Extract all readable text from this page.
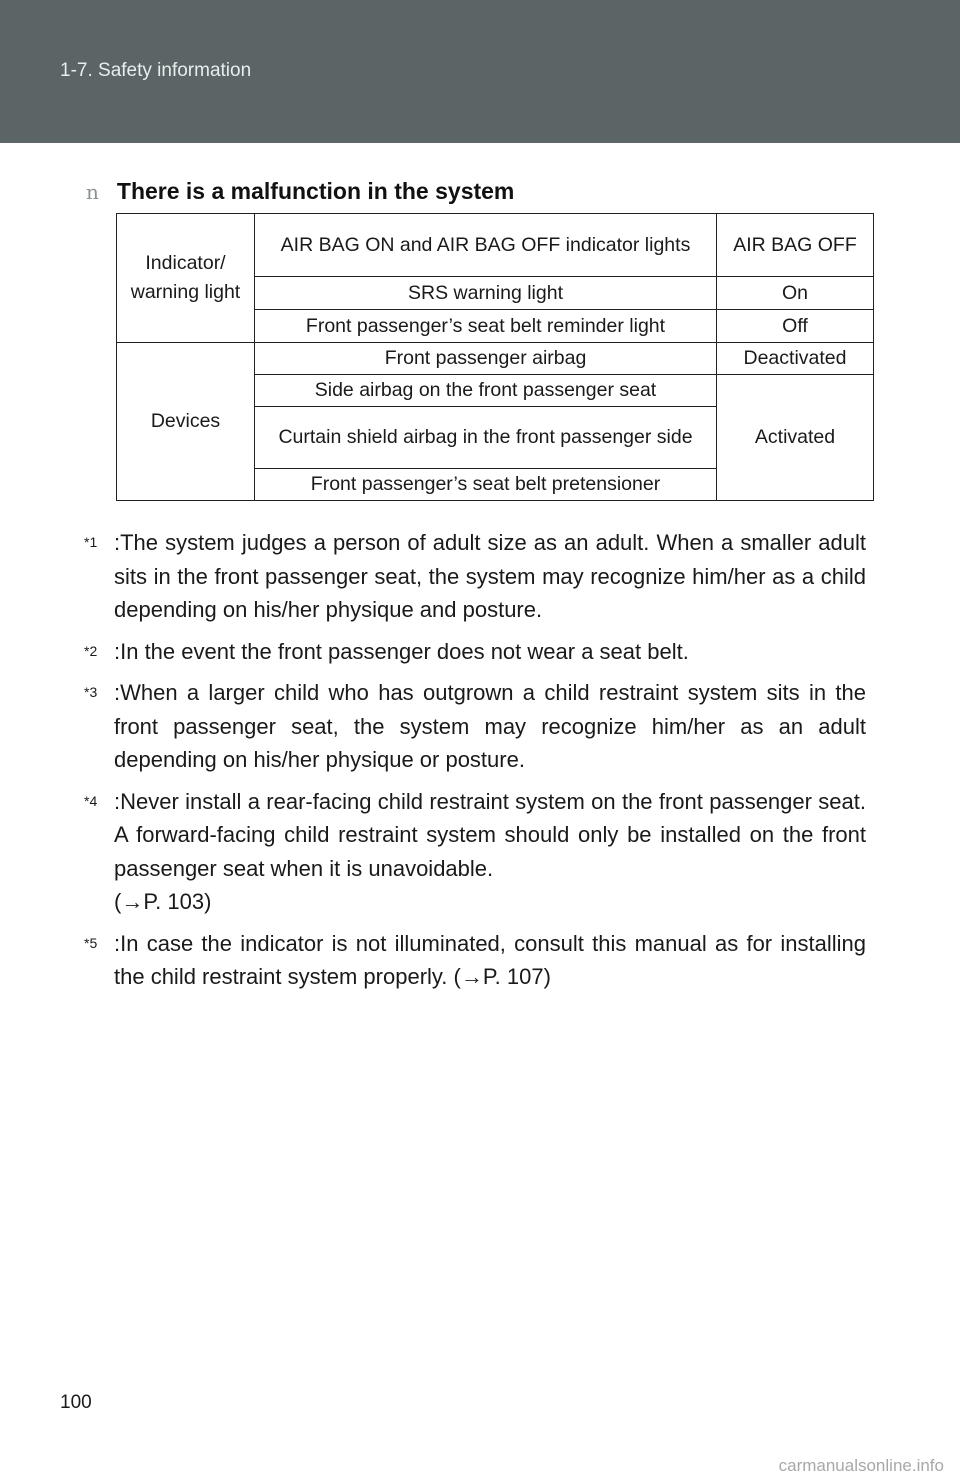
1-7. Safety information
n There is a malfunction in the system
Indicator/ warning light	AIR BAG ON and AIR BAG OFF indicator lights	AIR BAG OFF
	SRS warning light	On
	Front passenger’s seat belt reminder light	Off
Devices	Front passenger airbag	Deactivated
	Side airbag on the front passenger seat	Activated
	Curtain shield airbag in the front passenger side	
	Front passenger’s seat belt pretensioner	
$^{*1}$ :The system judges a person of adult size as an adult. When a smaller adult sits in the front passenger seat, the system may recognize him/her as a child depending on his/her physique and posture.
$^{*2}$ :In the event the front passenger does not wear a seat belt.
$^{*3}$ :When a larger child who has outgrown a child restraint system sits in the front passenger seat, the system may recognize him/her as an adult depending on his/her physique or posture.
$^{*4}$ :Never install a rear-facing child restraint system on the front passenger seat. A forward-facing child restraint system should only be installed on the front passenger seat when it is unavoidable.
(→P. 103)
$^{*5}$ :In case the indicator is not illuminated, consult this manual as for installing the child restraint system properly. (→P. 107)
100
carmanualsonline.info
